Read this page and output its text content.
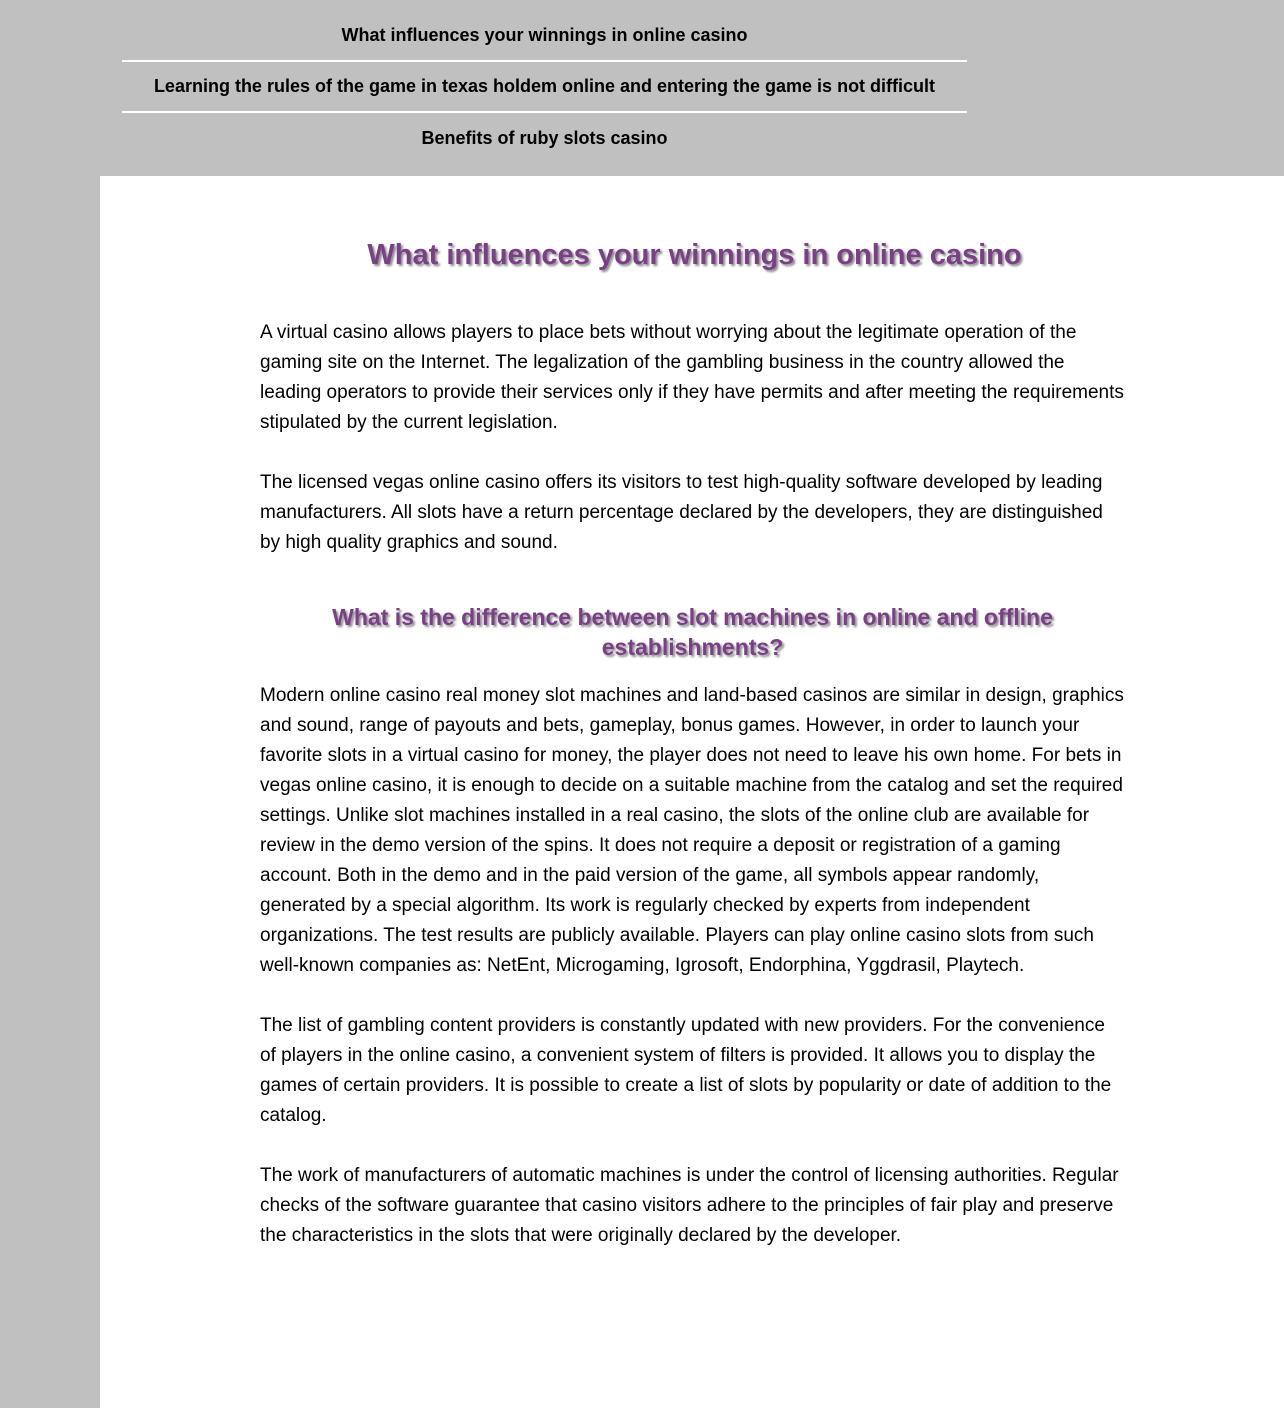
What influences your winnings in online casino
Learning the rules of the game in texas holdem online and entering the game is not difficult
Benefits of ruby slots casino
What influences your winnings in online casino

A virtual casino allows players to place bets without worrying about the legitimate operation of the gaming site on the Internet. The legalization of the gambling business in the country allowed the leading operators to provide their services only if they have permits and after meeting the requirements stipulated by the current legislation.

The licensed vegas online casino offers its visitors to test high-quality software developed by leading manufacturers. All slots have a return percentage declared by the developers, they are distinguished by high quality graphics and sound.

What is the difference between slot machines in online and offline establishments?

Modern online casino real money slot machines and land-based casinos are similar in design, graphics and sound, range of payouts and bets, gameplay, bonus games. However, in order to launch your favorite slots in a virtual casino for money, the player does not need to leave his own home. For bets in vegas online casino, it is enough to decide on a suitable machine from the catalog and set the required settings. Unlike slot machines installed in a real casino, the slots of the online club are available for review in the demo version of the spins. It does not require a deposit or registration of a gaming account. Both in the demo and in the paid version of the game, all symbols appear randomly, generated by a special algorithm. Its work is regularly checked by experts from independent organizations. The test results are publicly available. Players can play online casino slots from such well-known companies as: NetEnt, Microgaming, Igrosoft, Endorphina, Yggdrasil, Playtech.

The list of gambling content providers is constantly updated with new providers. For the convenience of players in the online casino, a convenient system of filters is provided. It allows you to display the games of certain providers. It is possible to create a list of slots by popularity or date of addition to the catalog.

The work of manufacturers of automatic machines is under the control of licensing authorities. Regular checks of the software guarantee that casino visitors adhere to the principles of fair play and preserve the characteristics in the slots that were originally declared by the developer.
